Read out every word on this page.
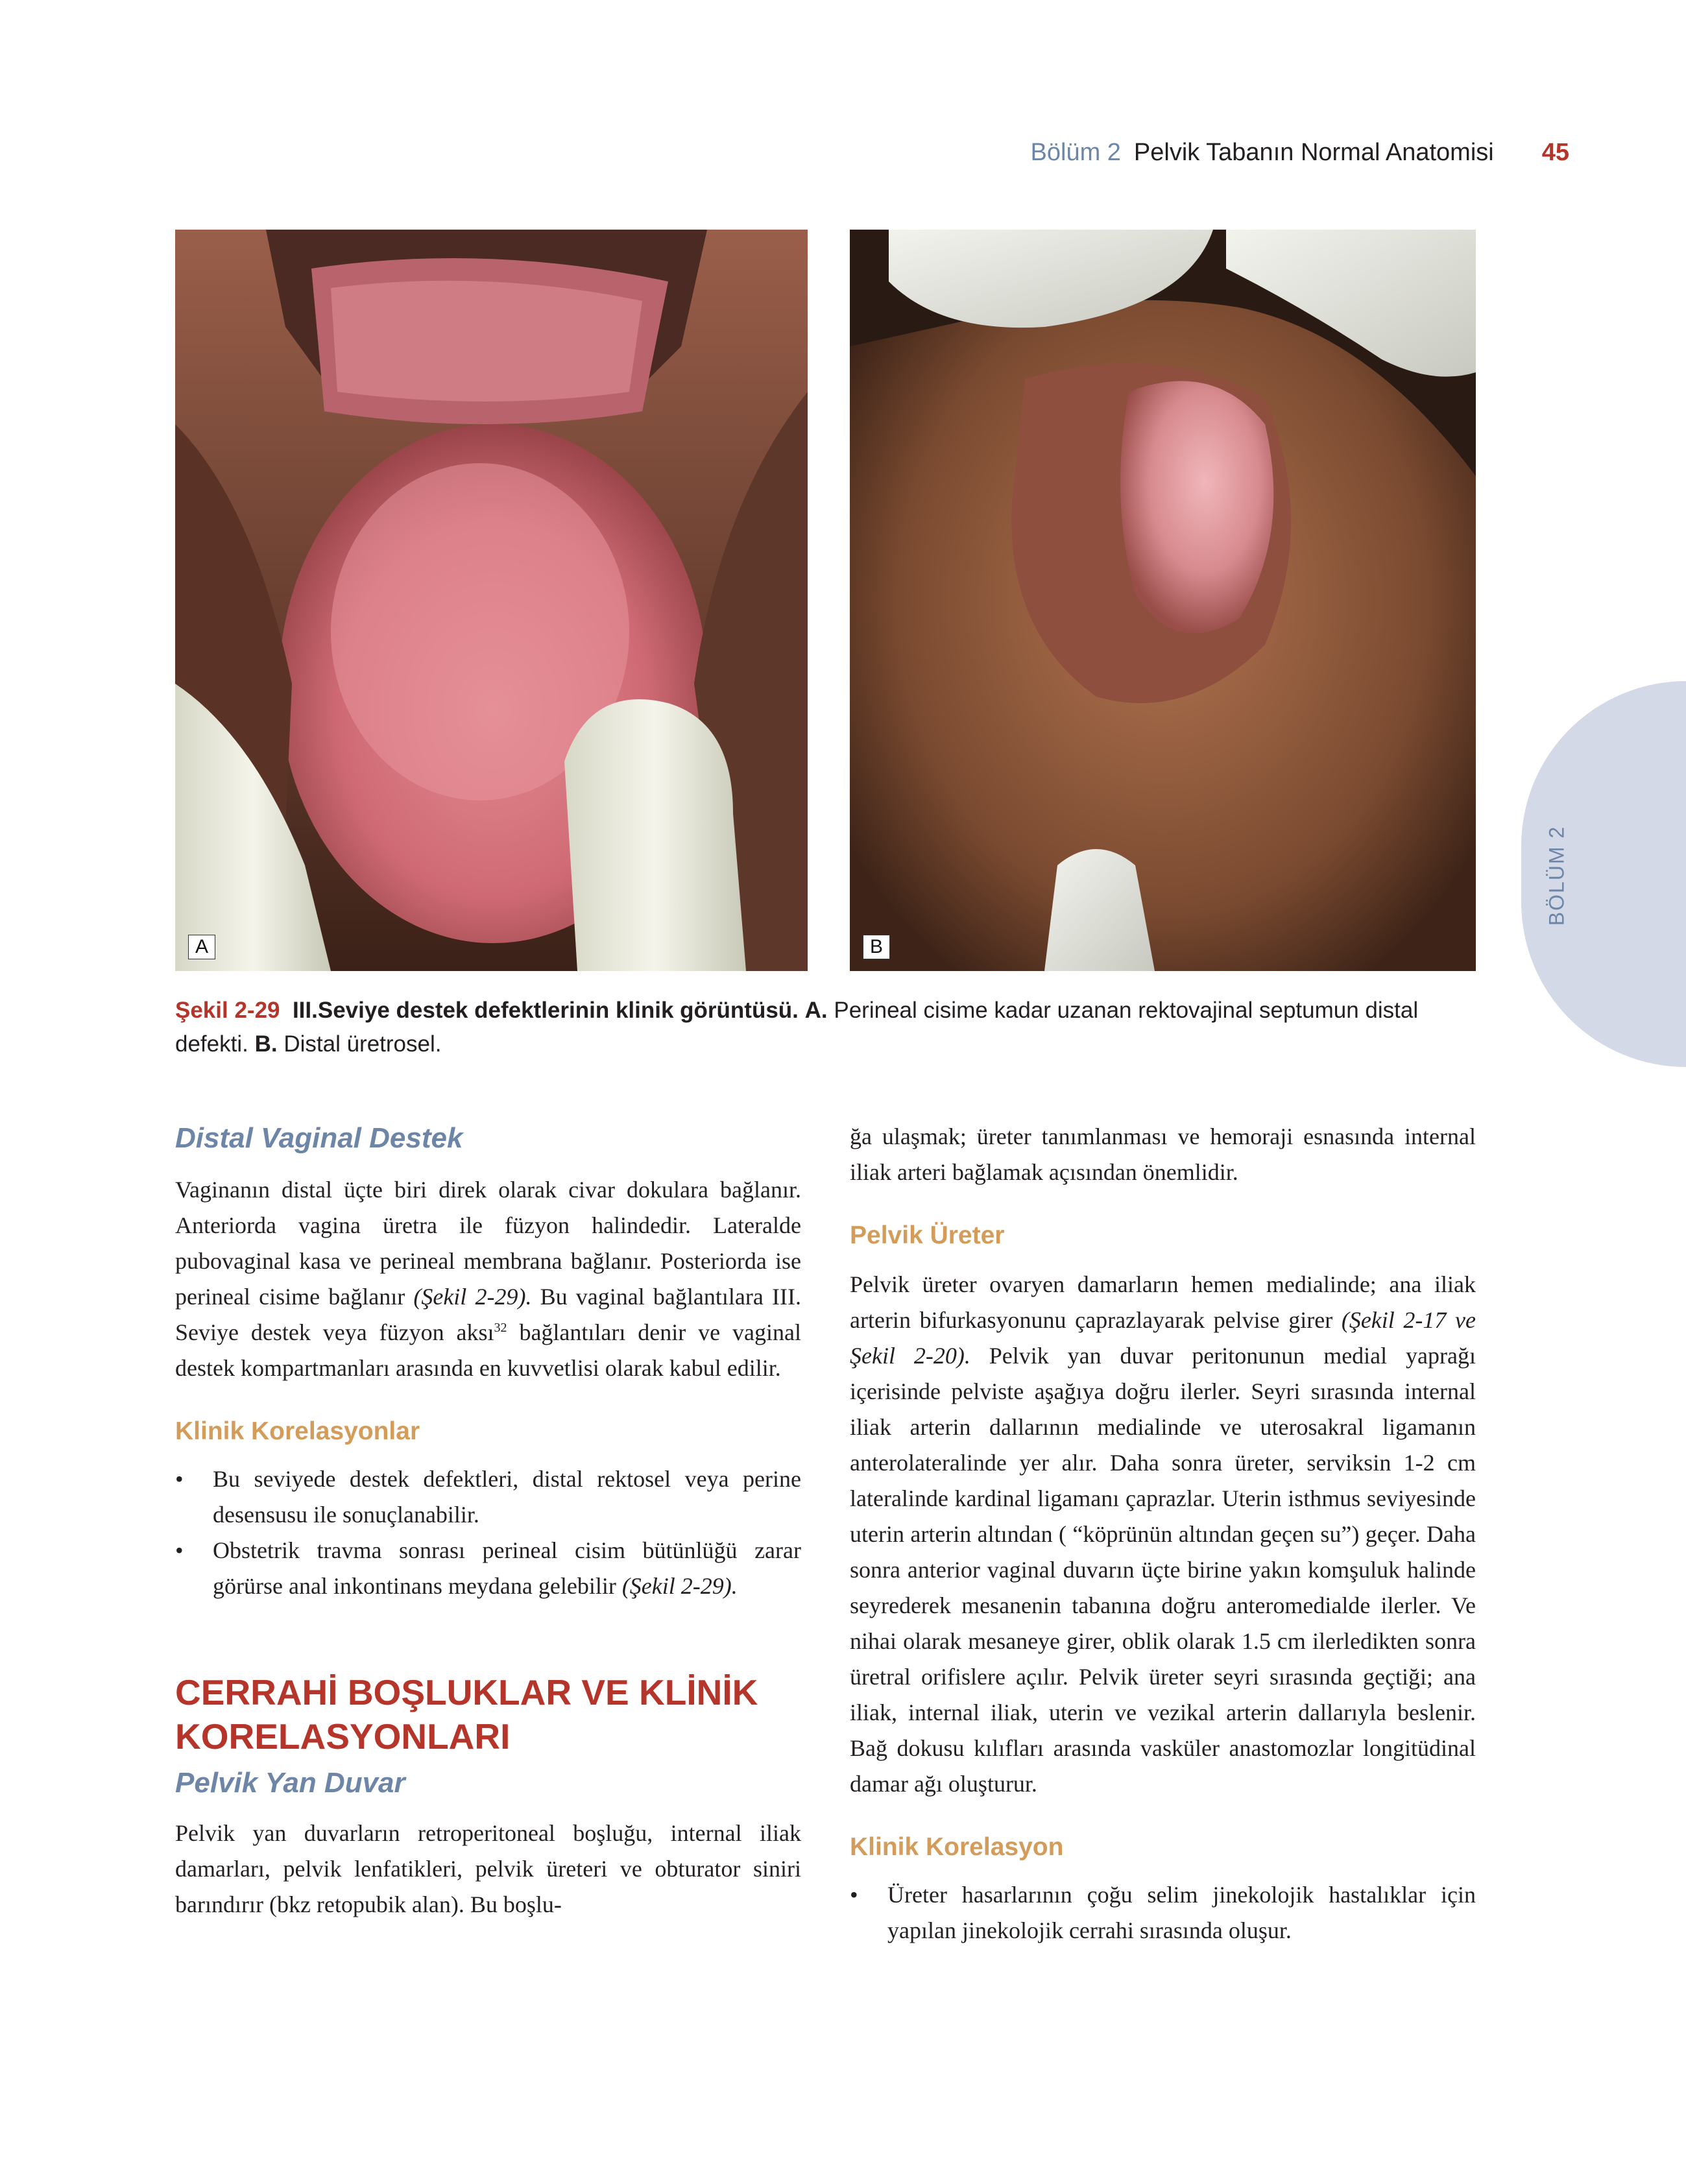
Bölüm 2 Pelvik Tabanın Normal Anatomisi 45
A	B
BÖLÜM 2
Şekil 2-29 III.Seviye destek defektlerinin klinik görüntüsü. A. Perineal cisime kadar uzanan rektovajinal septumun distal defekti. B. Distal üretrosel.
Distal Vaginal Destek

Vaginanın distal üçte biri direk olarak civar dokulara bağlanır. Anteriorda vagina üretra ile füzyon halindedir. Lateralde pubovaginal kasa ve perineal membrana bağlanır. Posteriorda ise perineal cisime bağlanır (Şekil 2-29). Bu vaginal bağlantılara III. Seviye destek veya füzyon aksı$^{32}$ bağlantıları denir ve vaginal destek kompartmanları arasında en kuvvetlisi olarak kabul edilir.

Klinik Korelasyonlar
• Bu seviyede destek defektleri, distal rektosel veya perine desensusu ile sonuçlanabilir.
• Obstetrik travma sonrası perineal cisim bütünlüğü zarar görürse anal inkontinans meydana gelebilir (Şekil 2-29).
CERRAHİ BOŞLUKLAR VE KLİNİK KORELASYONLARI
Pelvik Yan Duvar

Pelvik yan duvarların retroperitoneal boşluğu, internal iliak damarları, pelvik lenfatikleri, pelvik üreteri ve obturator siniri barındırır (bkz retopubik alan). Bu boşlu-

ğa ulaşmak; üreter tanımlanması ve hemoraji esnasında internal iliak arteri bağlamak açısından önemlidir.

Pelvik Üreter

Pelvik üreter ovaryen damarların hemen medialinde; ana iliak arterin bifurkasyonunu çaprazlayarak pelvise girer (Şekil 2-17 ve Şekil 2-20). Pelvik yan duvar peritonunun medial yaprağı içerisinde pelviste aşağıya doğru ilerler. Seyri sırasında internal iliak arterin dallarının medialinde ve uterosakral ligamanın anterolateralinde yer alır. Daha sonra üreter, serviksin 1-2 cm lateralinde kardinal ligamanı çaprazlar. Uterin isthmus seviyesinde uterin arterin altından ( “köprünün altından geçen su”) geçer. Daha sonra anterior vaginal duvarın üçte birine yakın komşuluk halinde seyrederek mesanenin tabanına doğru anteromedialde ilerler. Ve nihai olarak mesaneye girer, oblik olarak 1.5 cm ilerledikten sonra üretral orifislere açılır. Pelvik üreter seyri sırasında geçtiği; ana iliak, internal iliak, uterin ve vezikal arterin dallarıyla beslenir. Bağ dokusu kılıfları arasında vasküler anastomozlar longitüdinal damar ağı oluşturur.

Klinik Korelasyon
• Üreter hasarlarının çoğu selim jinekolojik hastalıklar için yapılan jinekolojik cerrahi sırasında oluşur.
